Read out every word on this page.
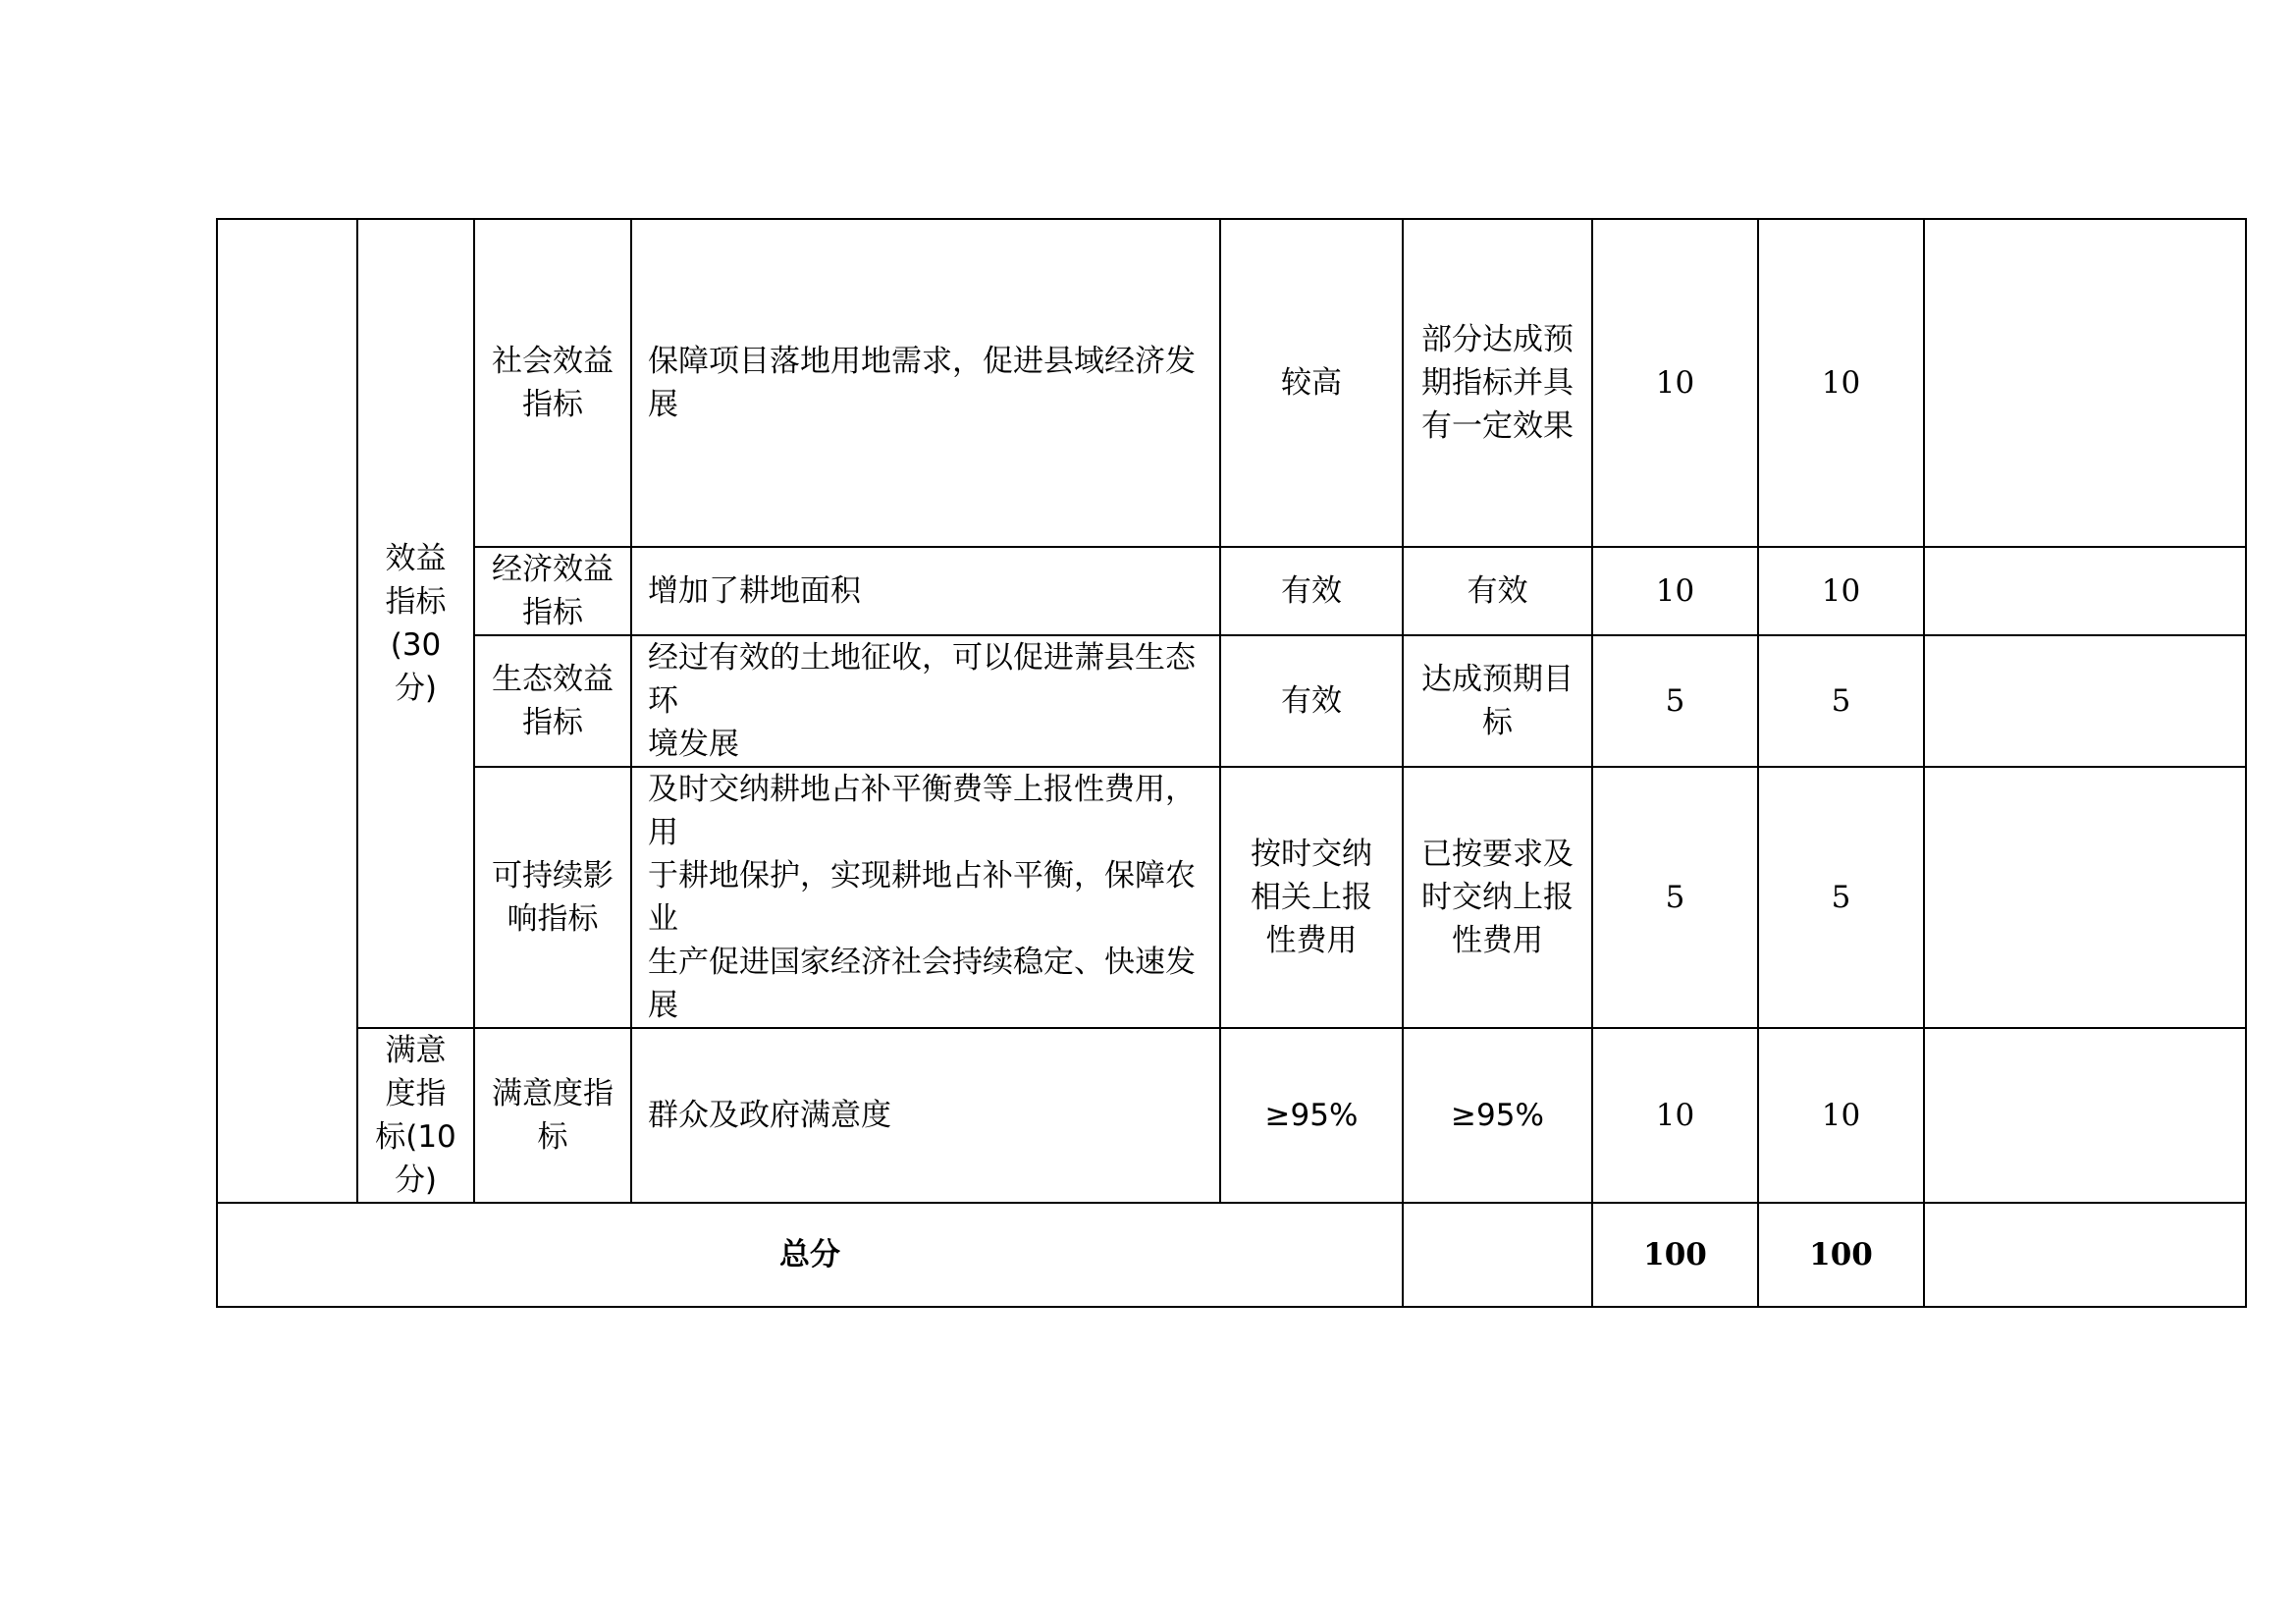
	效益
指标
(30
分)	社会效益
指标	保障项目落地用地需求，促进县域经济发展	较高	部分达成预
期指标并具
有一定效果	10	10	
		经济效益
指标	增加了耕地面积	有效	有效	10	10	
		生态效益
指标	经过有效的土地征收，可以促进萧县生态环
境发展	有效	达成预期目
标	5	5	
		可持续影
响指标	及时交纳耕地占补平衡费等上报性费用，用
于耕地保护，实现耕地占补平衡，保障农业
生产促进国家经济社会持续稳定、快速发展	按时交纳
相关上报
性费用	已按要求及
时交纳上报
性费用	5	5	
	满意
度指
标(10
分)	满意度指
标	群众及政府满意度	≥95%	≥95%	10	10	
总分						100	100	
